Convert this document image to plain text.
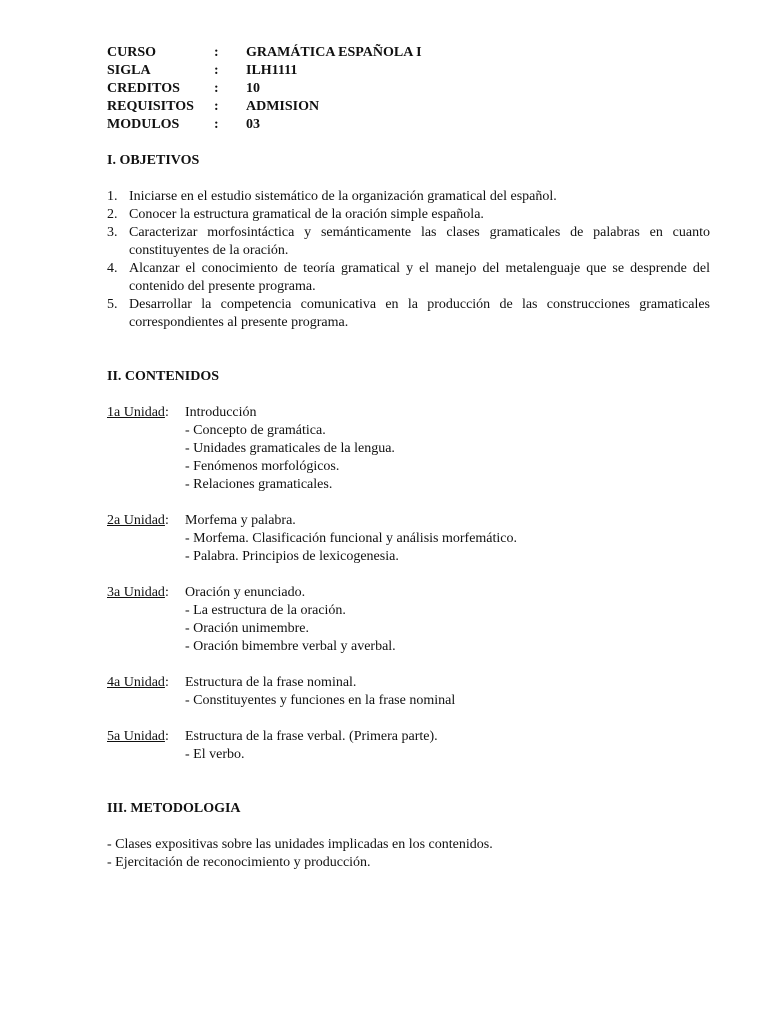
CURSO	:	GRAMÁTICA ESPAÑOLA I
SIGLA	:	ILH1111
CREDITOS	:	10
REQUISITOS	:	ADMISION
MODULOS	:	03
I. OBJETIVOS
1. Iniciarse en el estudio sistemático de la organización gramatical del español.
2. Conocer la estructura gramatical de la oración simple española.
3. Caracterizar morfosintáctica y semánticamente las clases gramaticales de palabras en cuanto constituyentes de la oración.
4. Alcanzar el conocimiento de teoría gramatical y el manejo del metalenguaje que se desprende del contenido del presente programa.
5. Desarrollar la competencia comunicativa en la producción de las construcciones gramaticales correspondientes al presente programa.
II. CONTENIDOS
1a Unidad:	Introducción
- Concepto de gramática.
- Unidades gramaticales de la lengua.
- Fenómenos morfológicos.
- Relaciones gramaticales.
2a Unidad:	Morfema y palabra.
- Morfema. Clasificación funcional y análisis morfemático.
- Palabra. Principios de lexicogenesia.
3a Unidad:	Oración y enunciado.
- La estructura de la oración.
- Oración unimembre.
- Oración bimembre verbal y averbal.
4a Unidad:	Estructura de la frase nominal.
- Constituyentes y funciones en la frase nominal
5a Unidad:	Estructura de la frase verbal. (Primera parte).
- El verbo.
III. METODOLOGIA
- Clases expositivas sobre las unidades implicadas en los contenidos.
- Ejercitación de reconocimiento y producción.
